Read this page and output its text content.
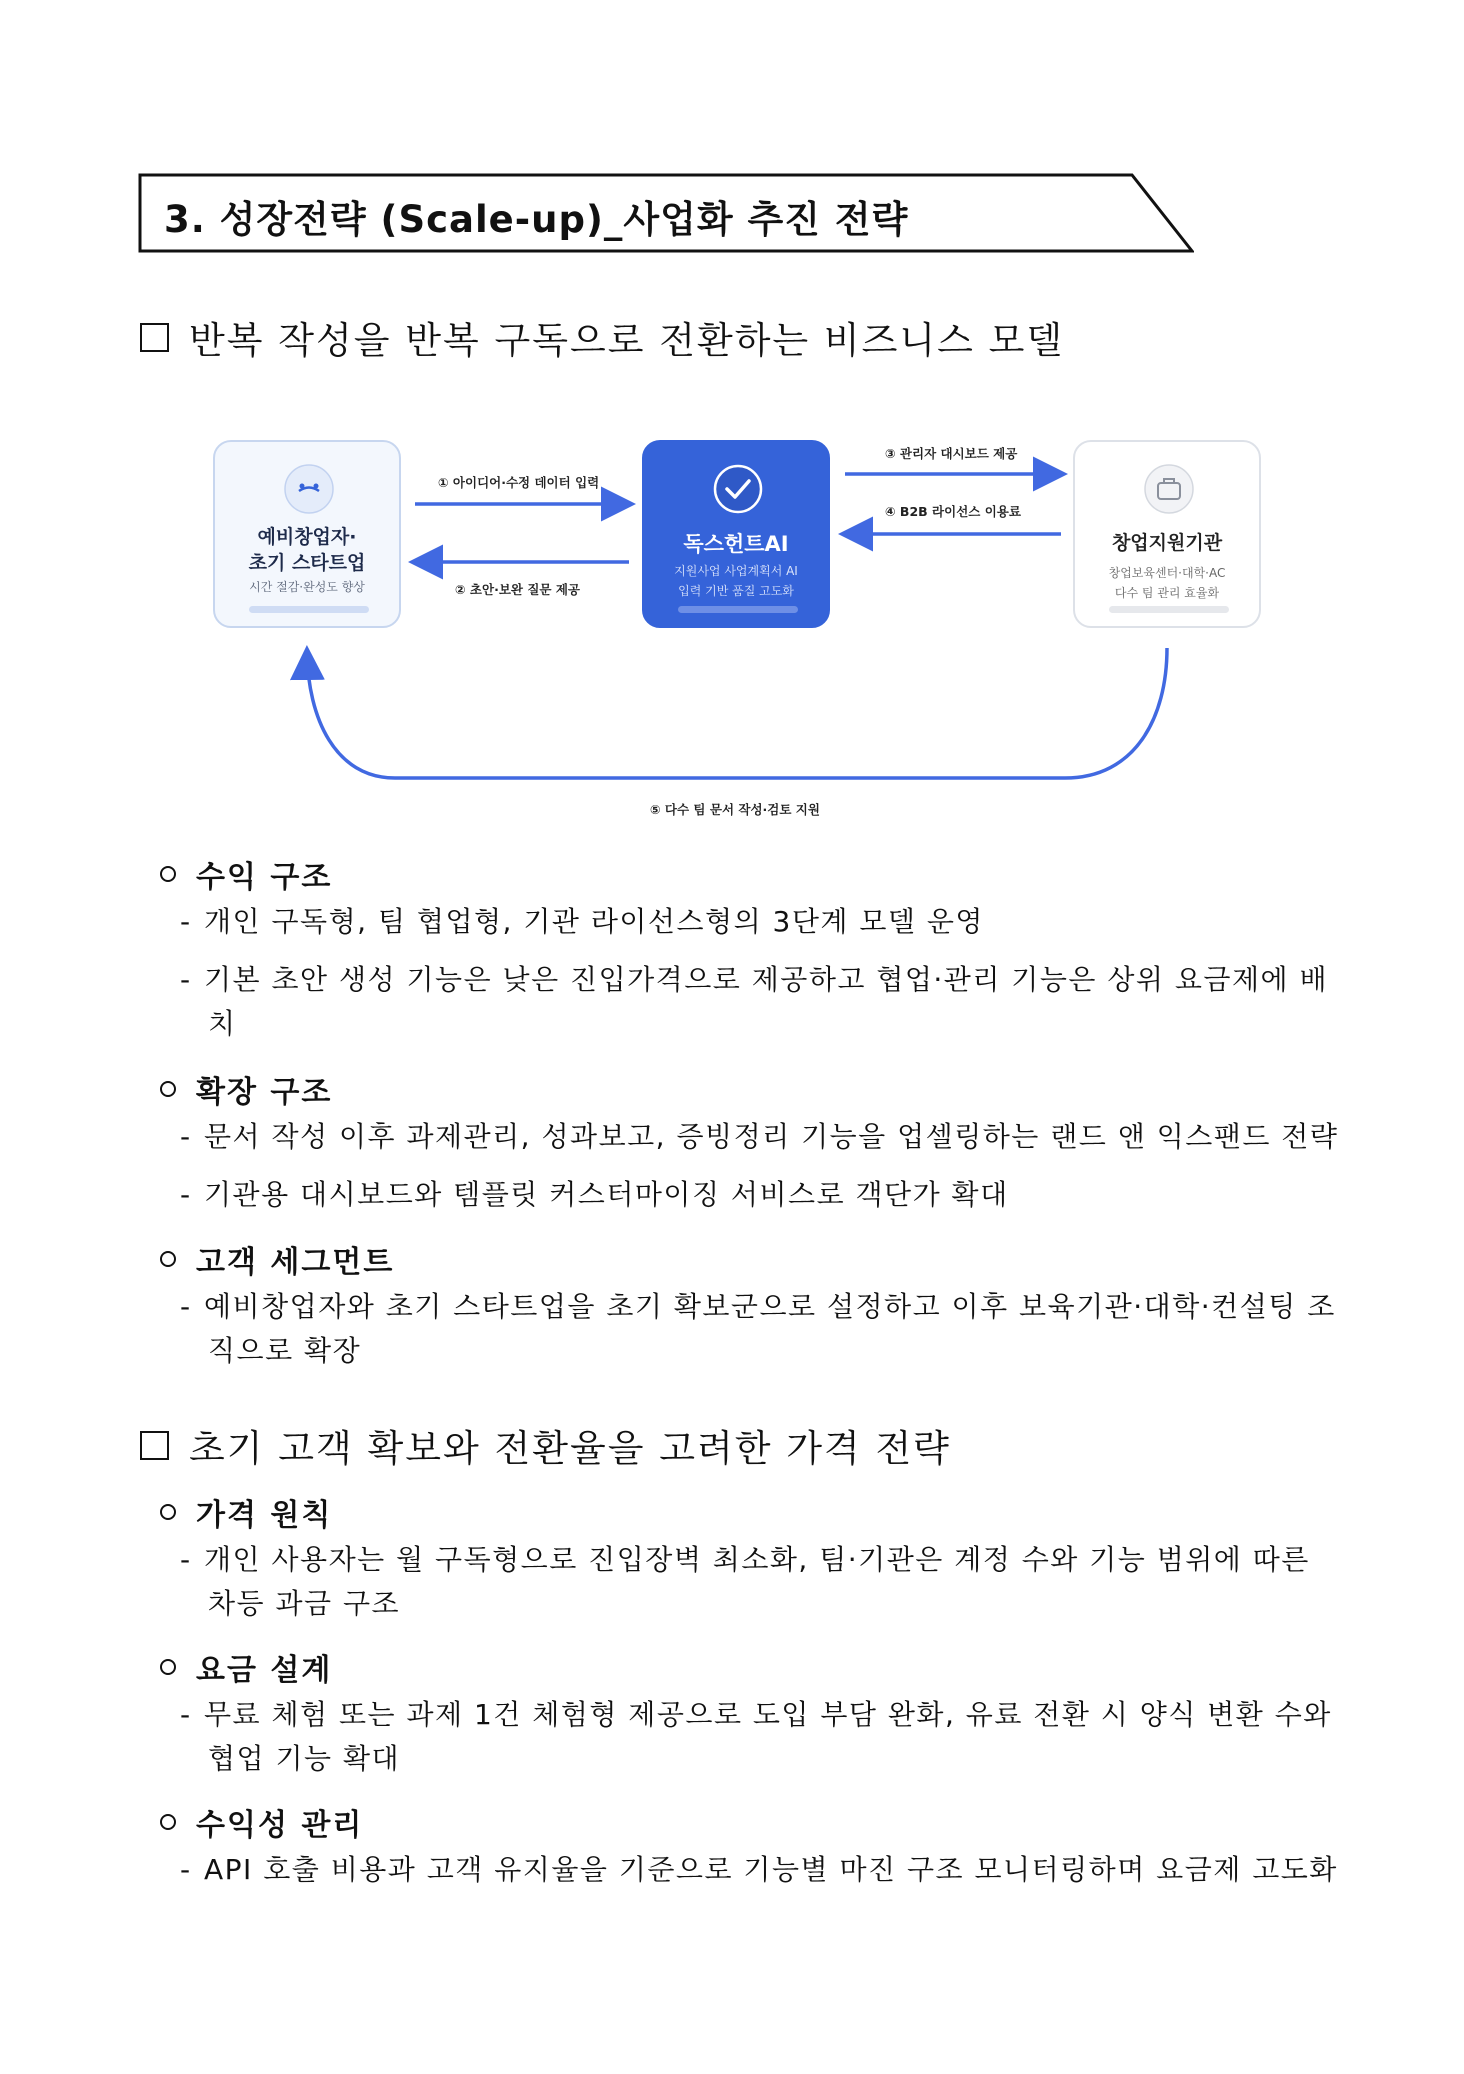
3. 성장전략 (Scale-up)_사업화 추진 전략
반복 작성을 반복 구독으로 전환하는 비즈니스 모델
① 아이디어·수정 데이터 입력
② 초안·보완 질문 제공
③ 관리자 대시보드 제공
④ B2B 라이선스 이용료
⑤ 다수 팀 문서 작성·검토 지원
예비창업자·
초기 스타트업
시간 절감·완성도 향상
독스헌트AI
지원사업 사업계획서 AI
입력 기반 품질 고도화
창업지원기관
창업보육센터·대학·AC
다수 팀 관리 효율화
수익 구조
- 개인 구독형, 팀 협업형, 기관 라이선스형의 3단계 모델 운영
- 기본 초안 생성 기능은 낮은 진입가격으로 제공하고 협업·관리 기능은 상위 요금제에 배
치
확장 구조
- 문서 작성 이후 과제관리, 성과보고, 증빙정리 기능을 업셀링하는 랜드 앤 익스팬드 전략
- 기관용 대시보드와 템플릿 커스터마이징 서비스로 객단가 확대
고객 세그먼트
- 예비창업자와 초기 스타트업을 초기 확보군으로 설정하고 이후 보육기관·대학·컨설팅 조
직으로 확장
초기 고객 확보와 전환율을 고려한 가격 전략
가격 원칙
- 개인 사용자는 월 구독형으로 진입장벽 최소화, 팀·기관은 계정 수와 기능 범위에 따른
차등 과금 구조
요금 설계
- 무료 체험 또는 과제 1건 체험형 제공으로 도입 부담 완화, 유료 전환 시 양식 변환 수와
협업 기능 확대
수익성 관리
- API 호출 비용과 고객 유지율을 기준으로 기능별 마진 구조 모니터링하며 요금제 고도화
